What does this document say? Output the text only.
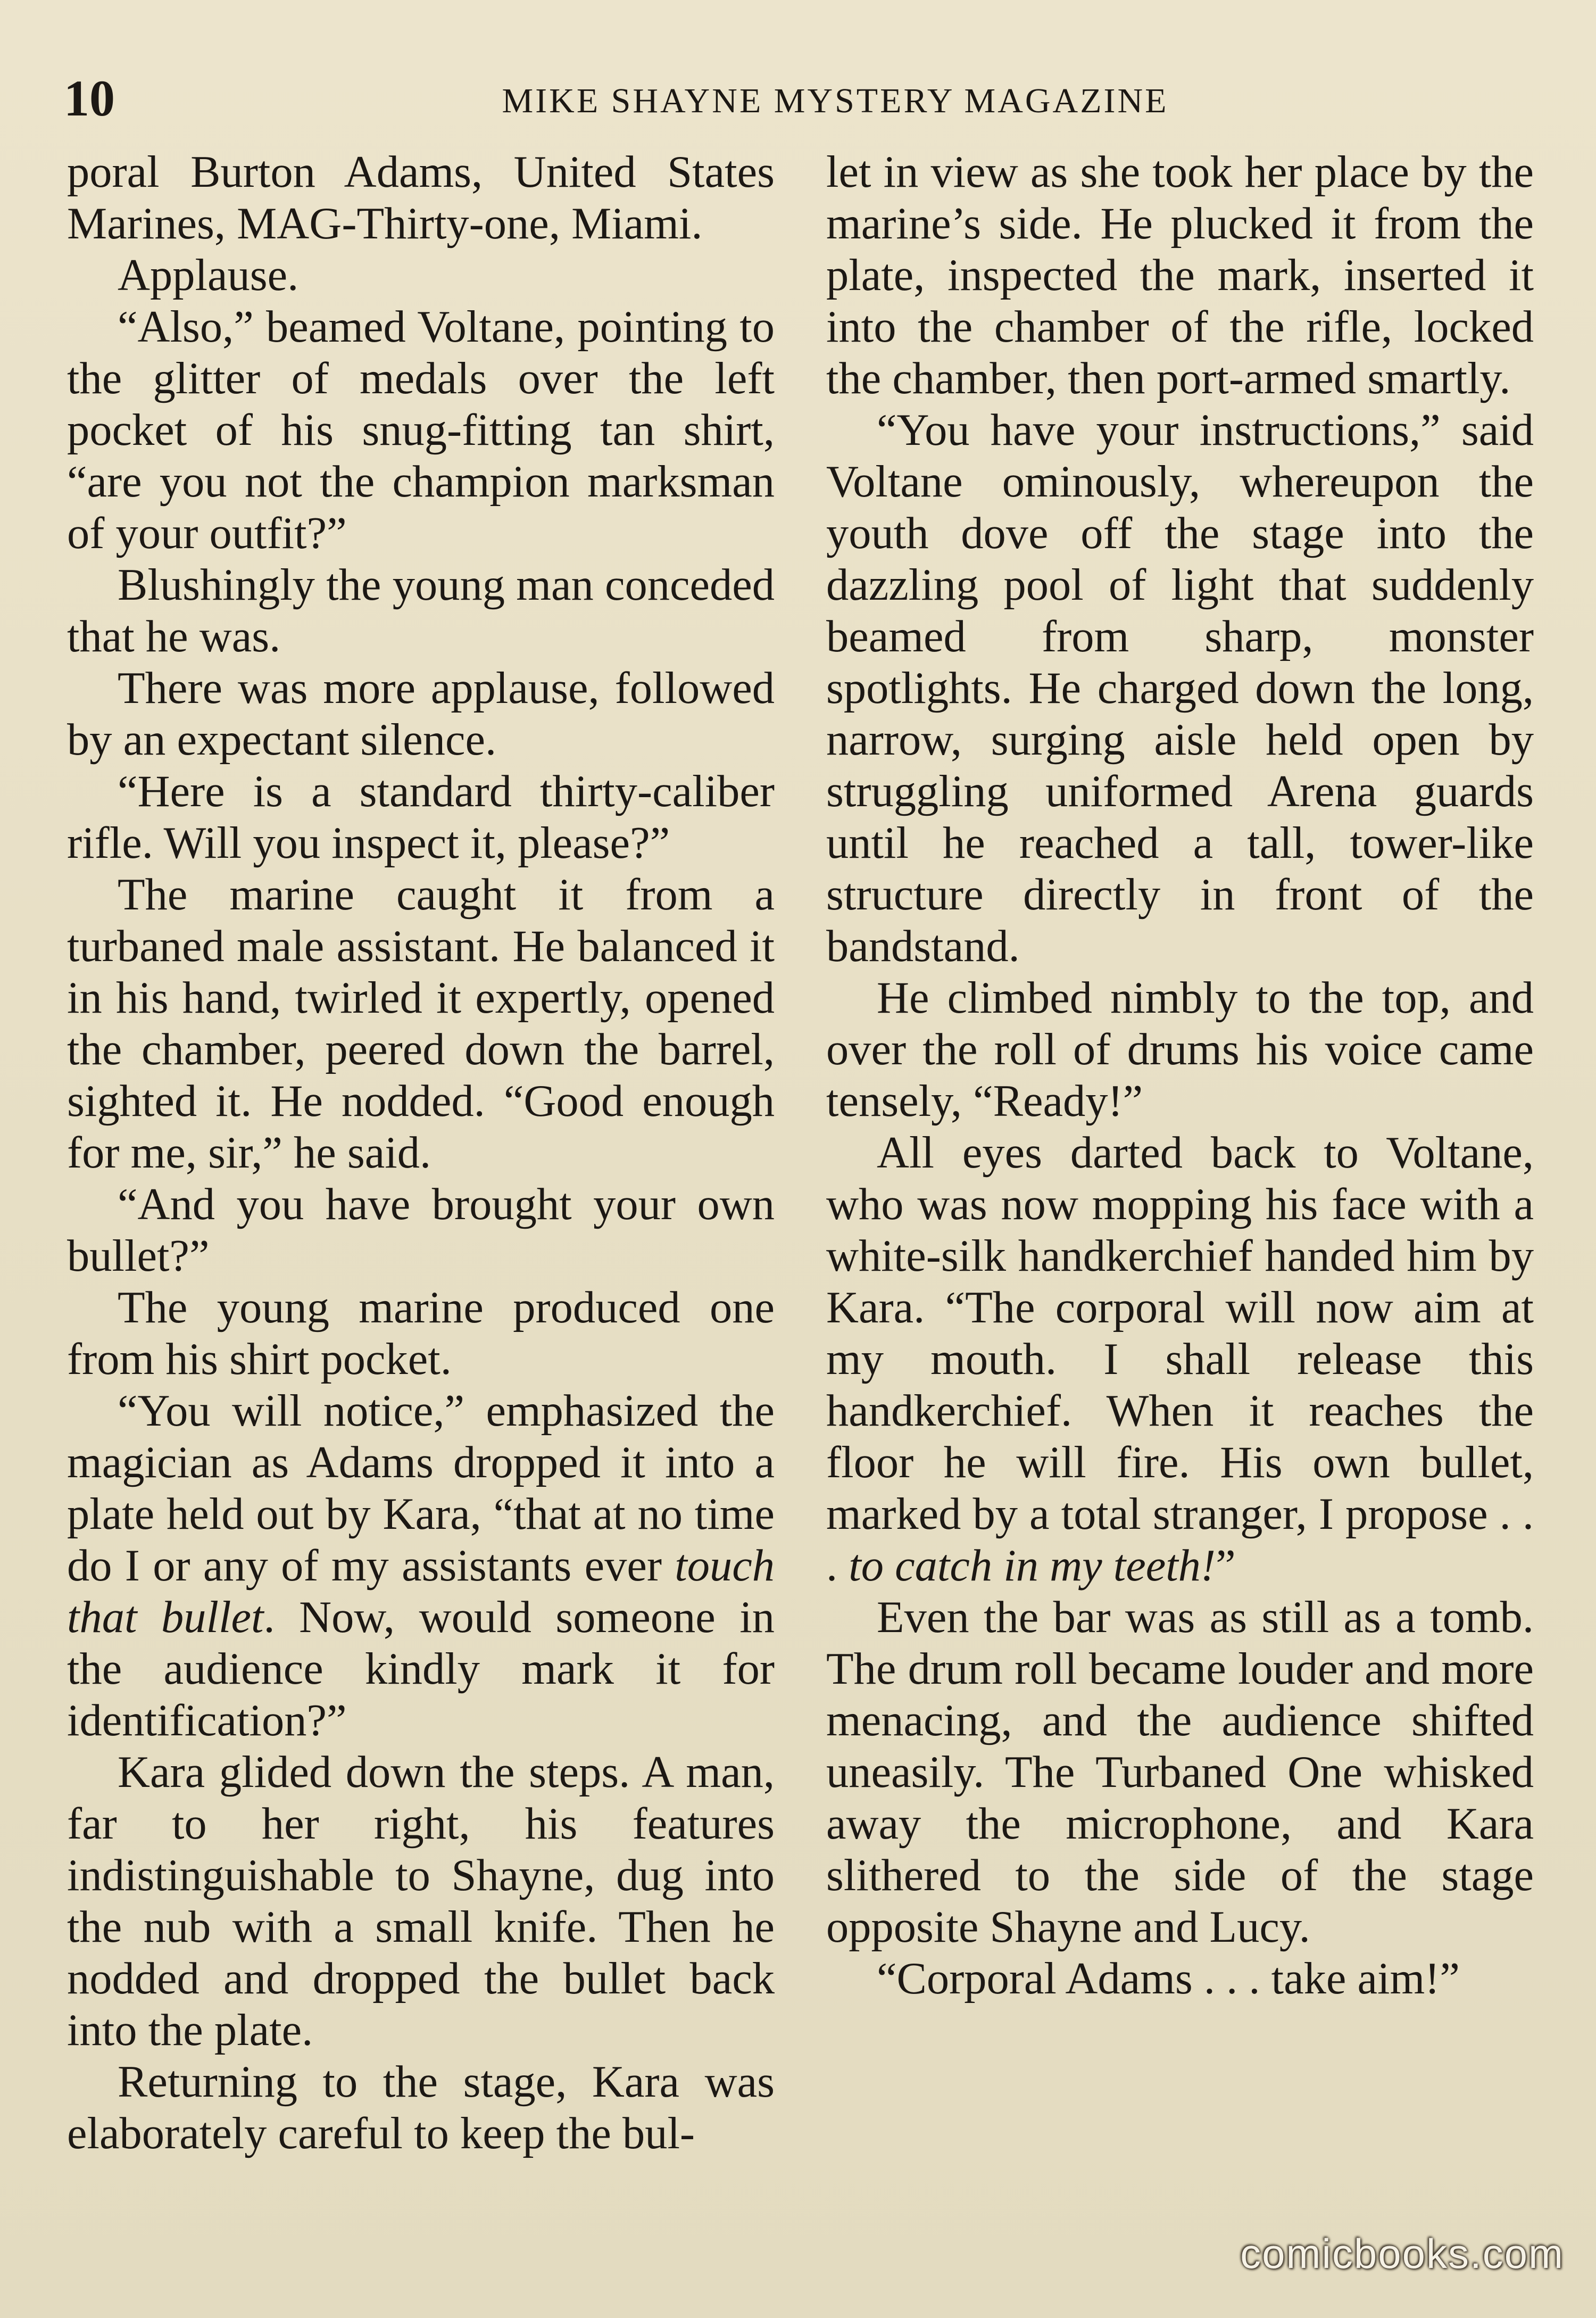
10	MIKE SHAYNE MYSTERY MAGAZINE

poral Burton Adams, United States Marines, MAG-Thirty-one, Miami.

Applause.

“Also,” beamed Voltane, pointing to the glitter of medals over the left pocket of his snug-fitting tan shirt, “are you not the champion marksman of your outfit?”

Blushingly the young man conceded that he was.

There was more applause, followed by an expectant silence.

“Here is a standard thirty-caliber rifle. Will you inspect it, please?”

The marine caught it from a turbaned male assistant. He balanced it in his hand, twirled it expertly, opened the chamber, peered down the barrel, sighted it. He nodded. “Good enough for me, sir,” he said.

“And you have brought your own bullet?”

The young marine produced one from his shirt pocket.

“You will notice,” emphasized the magician as Adams dropped it into a plate held out by Kara, “that at no time do I or any of my assistants ever touch that bullet. Now, would someone in the audience kindly mark it for identification?”

Kara glided down the steps. A man, far to her right, his features indistinguishable to Shayne, dug into the nub with a small knife. Then he nodded and dropped the bullet back into the plate.

Returning to the stage, Kara was elaborately careful to keep the bul-

let in view as she took her place by the marine’s side. He plucked it from the plate, inspected the mark, inserted it into the chamber of the rifle, locked the chamber, then port-armed smartly.

“You have your instructions,” said Voltane ominously, whereupon the youth dove off the stage into the dazzling pool of light that suddenly beamed from sharp, monster spotlights. He charged down the long, narrow, surging aisle held open by struggling uniformed Arena guards until he reached a tall, tower-like structure directly in front of the bandstand.

He climbed nimbly to the top, and over the roll of drums his voice came tensely, “Ready!”

All eyes darted back to Voltane, who was now mopping his face with a white-silk handkerchief handed him by Kara. “The corporal will now aim at my mouth. I shall release this handkerchief. When it reaches the floor he will fire. His own bullet, marked by a total stranger, I propose . . . to catch in my teeth!”

Even the bar was as still as a tomb. The drum roll became louder and more menacing, and the audience shifted uneasily. The Turbaned One whisked away the microphone, and Kara slithered to the side of the stage opposite Shayne and Lucy.

“Corporal Adams . . . take aim!”

comicbooks.com
